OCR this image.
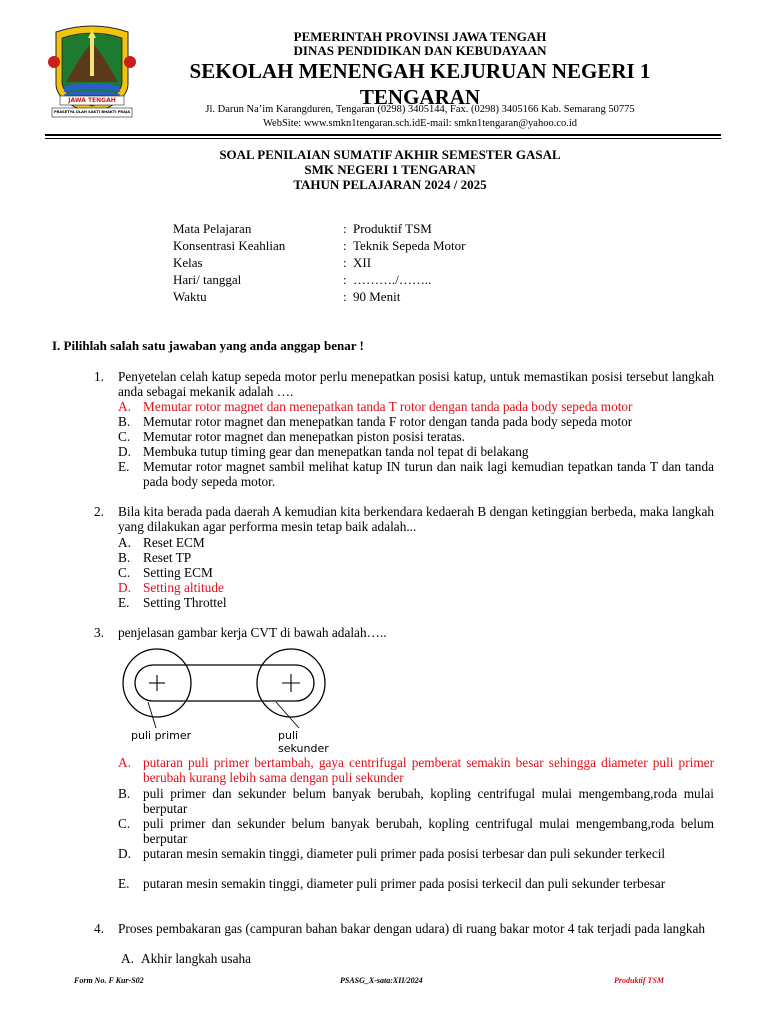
JAWA TENGAH
PRASETYA ULAH SAKTI BHAKTI PRAJA
PEMERINTAH PROVINSI JAWA TENGAH
DINAS PENDIDIKAN DAN KEBUDAYAAN
SEKOLAH MENENGAH KEJURUAN NEGERI 1
TENGARAN
Jl. Darun Na’im Karangduren, Tengaran (0298) 3405144, Fax. (0298) 3405166 Kab. Semarang 50775
WebSite: www.smkn1tengaran.sch.idE-mail: smkn1tengaran@yahoo.co.id
SOAL PENILAIAN SUMATIF AKHIR SEMESTER GASAL
SMK NEGERI 1 TENGARAN
TAHUN PELAJARAN 2024 / 2025
Mata Pelajaran	: Produktif TSM
Konsentrasi Keahlian	: Teknik Sepeda Motor
Kelas	: XII
Hari/ tanggal	: ………./……..
Waktu	: 90 Menit
I. Pilihlah salah satu jawaban yang anda anggap benar !
1. Penyetelan celah katup sepeda motor perlu menepatkan posisi katup, untuk memastikan posisi tersebut langkah anda sebagai mekanik adalah ….
A. Memutar rotor magnet dan menepatkan tanda T rotor dengan tanda pada body sepeda motor
B. Memutar rotor magnet dan menepatkan tanda F rotor dengan tanda pada body sepeda motor
C. Memutar rotor magnet dan menepatkan piston posisi teratas.
D. Membuka tutup timing gear dan menepatkan tanda nol tepat di belakang
E. Memutar rotor magnet sambil melihat katup IN turun dan naik lagi kemudian tepatkan tanda T dan tanda pada body sepeda motor.
2. Bila kita berada pada daerah A kemudian kita berkendara kedaerah B dengan ketinggian berbeda, maka langkah yang dilakukan agar performa mesin tetap baik adalah...
A. Reset ECM
B. Reset TP
C. Setting ECM
D. Setting altitude
E. Setting Throttel
3. penjelasan gambar kerja CVT di bawah adalah…..
puli primer	puli sekunder
A. putaran puli primer bertambah, gaya centrifugal pemberat semakin besar sehingga diameter puli primer berubah kurang lebih sama dengan puli sekunder
B. puli primer dan sekunder belum banyak berubah, kopling centrifugal mulai mengembang,roda mulai berputar
C. puli primer dan sekunder belum banyak berubah, kopling centrifugal mulai mengembang,roda belum berputar
D. putaran mesin semakin tinggi, diameter puli primer pada posisi terbesar dan puli sekunder terkecil
E. putaran mesin semakin tinggi, diameter puli primer pada posisi terkecil dan puli sekunder terbesar
4. Proses pembakaran gas (campuran bahan bakar dengan udara) di ruang bakar motor 4 tak terjadi pada langkah
A. Akhir langkah usaha
Form No. F Kur-S02	PSASG_X-sata:XII/2024	Produktif TSM
